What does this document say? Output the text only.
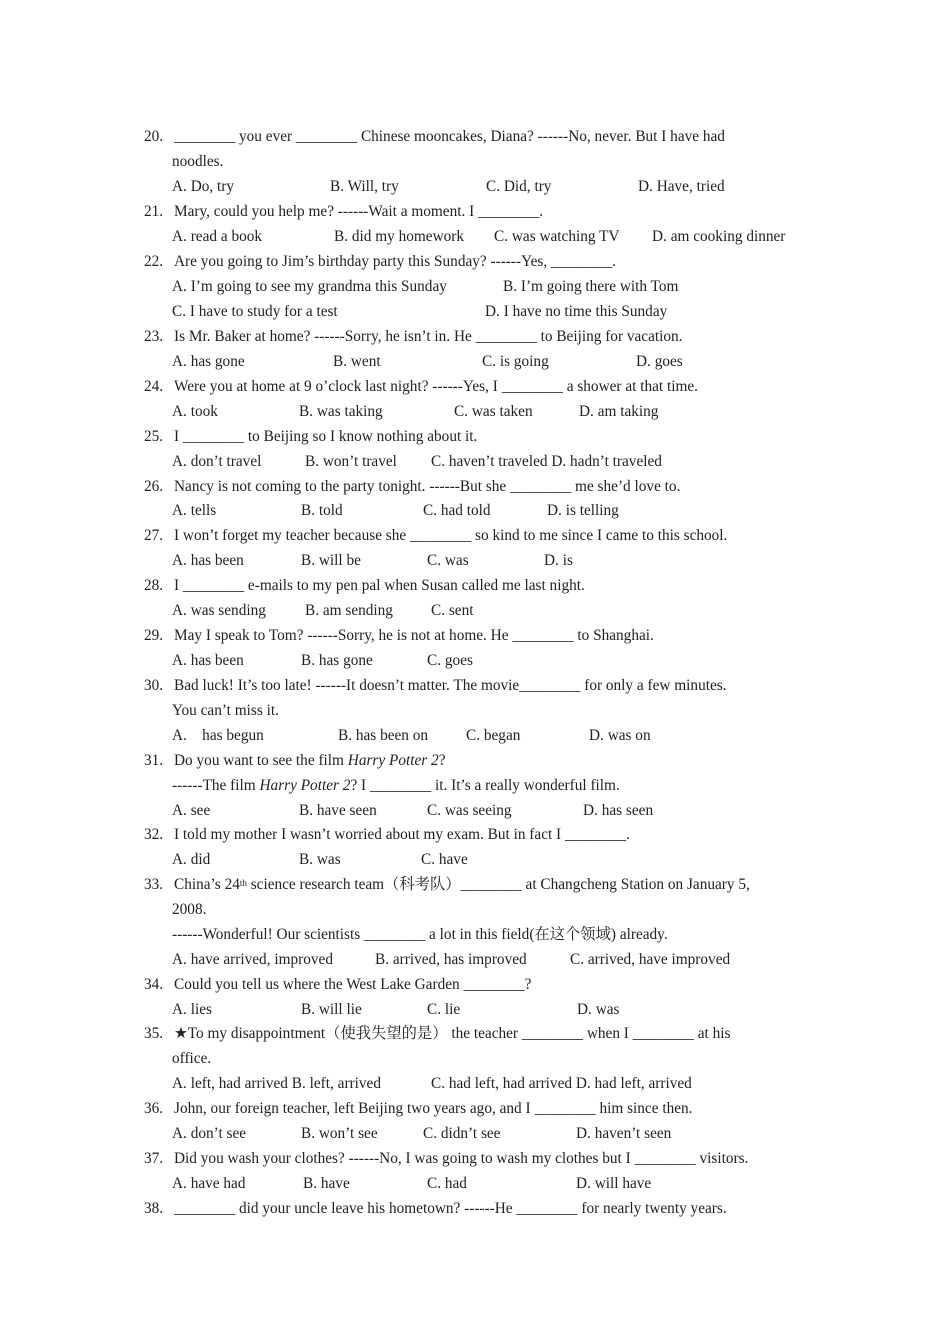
20. ________ you ever ________ Chinese mooncakes, Diana? ------No, never. But I have had
noodles.
A. Do, try	B. Will, try	C. Did, try	D. Have, tried
21. Mary, could you help me? ------Wait a moment. I ________.
A. read a book	B. did my homework C. was watching TV D. am cooking dinner
22. Are you going to Jim’s birthday party this Sunday? ------Yes, ________.
A. I’m going to see my grandma this Sunday	B. I’m going there with Tom
C. I have to study for a test	D. I have no time this Sunday
23. Is Mr. Baker at home? ------Sorry, he isn’t in. He ________ to Beijing for vacation.
A. has gone	B. went	C. is going	D. goes
24. Were you at home at 9 o’clock last night? ------Yes, I ________ a shower at that time.
A. took	B. was taking	C. was taken	D. am taking
25. I ________ to Beijing so I know nothing about it.
A. don’t travel	B. won’t travel C. haven’t traveled D. hadn’t traveled
26. Nancy is not coming to the party tonight. ------But she ________ me she’d love to.
A. tells	B. told	C. had told	D. is telling
27. I won’t forget my teacher because she ________ so kind to me since I came to this school.
A. has been	B. will be	C. was	D. is
28. I ________ e-mails to my pen pal when Susan called me last night.
A. was sending	B. am sending C. sent
29. May I speak to Tom? ------Sorry, he is not at home. He ________ to Shanghai.
A. has been	B. has gone	C. goes
30. Bad luck! It’s too late! ------It doesn’t matter. The movie________ for only a few minutes.
You can’t miss it.
A.    has begun	B. has been on C. began	D. was on
31. Do you want to see the film Harry Potter 2?
------The film Harry Potter 2? I ________ it. It’s a really wonderful film.
A. see	B. have seen	C. was seeing	D. has seen
32. I told my mother I wasn’t worried about my exam. But in fact I ________.
A. did	B. was	C. have
33. China’s 24th science research team（科考队）________ at Changcheng Station on January 5,
2008.
------Wonderful! Our scientists ________ a lot in this field(在这个领域) already.
A. have arrived, improved	B. arrived, has improved	C. arrived, have improved
34. Could you tell us where the West Lake Garden ________?
A. lies	B. will lie	C. lie	D. was
35. ★To my disappointment（使我失望的是） the teacher ________ when I ________ at his
office.
A. left, had arrived B. left, arrived	C. had left, had arrived D. had left, arrived
36. John, our foreign teacher, left Beijing two years ago, and I ________ him since then.
A. don’t see	B. won’t see	C. didn’t see	D. haven’t seen
37. Did you wash your clothes? ------No, I was going to wash my clothes but I ________ visitors.
A. have had	B. have	C. had	D. will have
38. ________ did your uncle leave his hometown? ------He ________ for nearly twenty years.
